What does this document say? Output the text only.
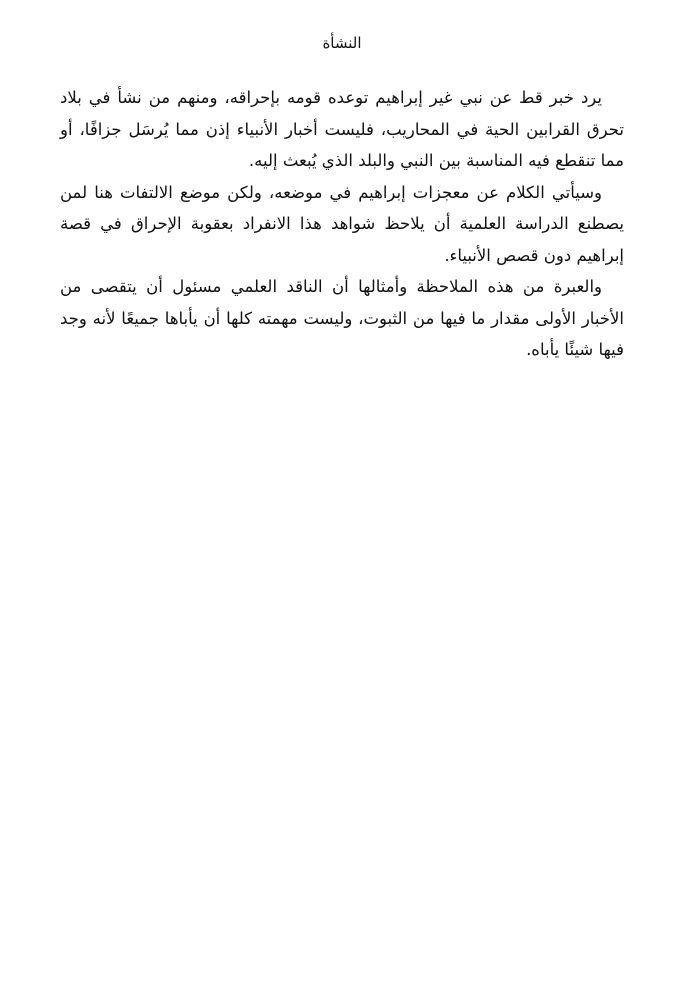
النشأة

يرد خبر قط عن نبي غير إبراهيم توعده قومه بإحراقه، ومنهم من نشأ في بلاد تحرق القرابين الحية في المحاريب، فليست أخبار الأنبياء إذن مما يُرسَل جزافًا، أو مما تنقطع فيه المناسبة بين النبي والبلد الذي يُبعث إليه.

وسيأتي الكلام عن معجزات إبراهيم في موضعه، ولكن موضع الالتفات هنا لمن يصطنع الدراسة العلمية أن يلاحظ شواهد هذا الانفراد بعقوبة الإحراق في قصة إبراهيم دون قصص الأنبياء.

والعبرة من هذه الملاحظة وأمثالها أن الناقد العلمي مسئول أن يتقصى من الأخبار الأولى مقدار ما فيها من الثبوت، وليست مهمته كلها أن يأباها جميعًا لأنه وجد فيها شيئًا يأباه.
